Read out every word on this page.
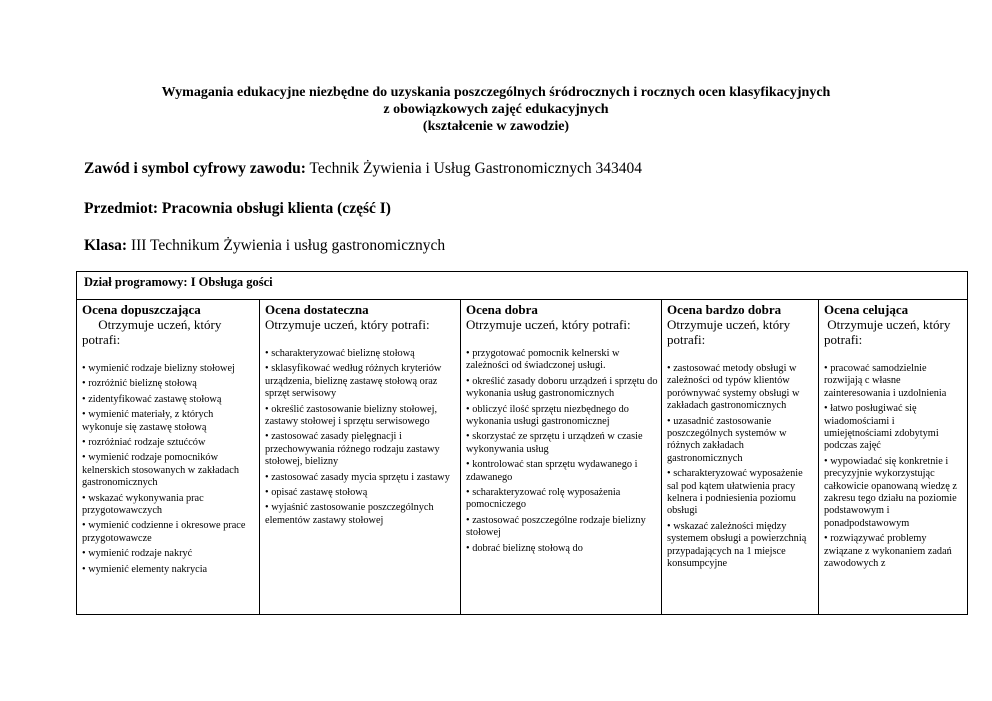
Wymagania edukacyjne niezbędne do uzyskania poszczególnych śródrocznych i rocznych ocen klasyfikacyjnych
z obowiązkowych zajęć edukacyjnych
(kształcenie w zawodzie)
Zawód i symbol cyfrowy zawodu: Technik Żywienia i Usług Gastronomicznych 343404
Przedmiot: Pracownia obsługi klienta (część I)
Klasa: III Technikum Żywienia i usług gastronomicznych
Dział programowy: I Obsługa gości
Ocena dopuszczająca
Otrzymuje uczeń, który potrafi:
• wymienić rodzaje bielizny stołowej
• rozróżnić bieliznę stołową
• zidentyfikować zastawę stołową
• wymienić materiały, z których wykonuje się zastawę stołową
• rozróżniać rodzaje sztućców
• wymienić rodzaje pomocników kelnerskich stosowanych w zakładach gastronomicznych
• wskazać wykonywania prac przygotowawczych
• wymienić codzienne i okresowe prace przygotowawcze
• wymienić rodzaje nakryć
• wymienić elementy nakrycia
Ocena dostateczna
Otrzymuje uczeń, który potrafi:
• scharakteryzować bieliznę stołową
• sklasyfikować według różnych kryteriów urządzenia, bieliznę zastawę stołową oraz sprzęt serwisowy
• określić zastosowanie bielizny stołowej, zastawy stołowej i sprzętu serwisowego
• zastosować zasady pielęgnacji i przechowywania różnego rodzaju zastawy stołowej, bielizny
• zastosować zasady mycia sprzętu i zastawy
• opisać zastawę stołową
• wyjaśnić zastosowanie poszczególnych elementów zastawy stołowej
Ocena dobra
Otrzymuje uczeń, który potrafi:
• przygotować pomocnik kelnerski w zależności od świadczonej usługi.
• określić zasady doboru urządzeń i sprzętu do wykonania usług gastronomicznych
• obliczyć ilość sprzętu niezbędnego do wykonania usługi gastronomicznej
• skorzystać ze sprzętu i urządzeń w czasie wykonywania usług
• kontrolować stan sprzętu wydawanego i zdawanego
• scharakteryzować rolę wyposażenia pomocniczego
• zastosować poszczególne rodzaje bielizny stołowej
• dobrać bieliznę stołową do
Ocena bardzo dobra
Otrzymuje uczeń, który potrafi:
• zastosować metody obsługi w zależności od typów klientów porównywać systemy obsługi w zakładach gastronomicznych
• uzasadnić zastosowanie poszczególnych systemów w różnych zakładach gastronomicznych
• scharakteryzować wyposażenie sal pod kątem ułatwienia pracy kelnera i podniesienia poziomu obsługi
• wskazać zależności między systemem obsługi a powierzchnią przypadających na 1 miejsce konsumpcyjne
Ocena celująca
Otrzymuje uczeń, który potrafi:
• pracować samodzielnie rozwijają c własne zainteresowania i uzdolnienia
• łatwo posługiwać się wiadomościami i umiejętnościami zdobytymi podczas zajęć
• wypowiadać się konkretnie i precyzyjnie wykorzystując całkowicie opanowaną wiedzę z zakresu tego działu na poziomie podstawowym i ponadpodstawowym
• rozwiązywać problemy związane z wykonaniem zadań zawodowych z
